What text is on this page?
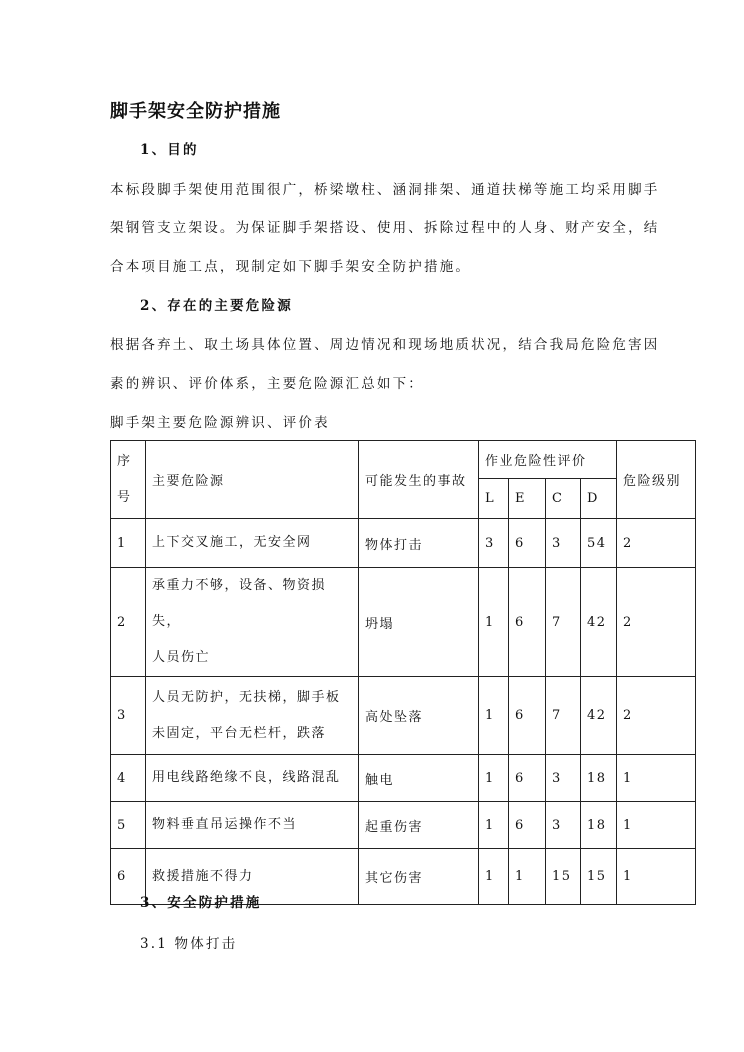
脚手架安全防护措施
1、目的
本标段脚手架使用范围很广，桥梁墩柱、涵洞排架、通道扶梯等施工均采用脚手
架钢管支立架设。为保证脚手架搭设、使用、拆除过程中的人身、财产安全，结
合本项目施工点，现制定如下脚手架安全防护措施。
2、存在的主要危险源
根据各弃土、取土场具体位置、周边情况和现场地质状况，结合我局危险危害因
素的辨识、评价体系，主要危险源汇总如下：
脚手架主要危险源辨识、评价表
序
号	主要危险源	可能发生的事故	作业危险性评价				危险级别
			L	E	C	D	
1	上下交叉施工，无安全网	物体打击	3	6	3	54	2
2	承重力不够，设备、物资损失，
人员伤亡	坍塌	1	6	7	42	2
3	人员无防护，无扶梯，脚手板
未固定，平台无栏杆，跌落	高处坠落	1	6	7	42	2
4	用电线路绝缘不良，线路混乱	触电	1	6	3	18	1
5	物料垂直吊运操作不当	起重伤害	1	6	3	18	1
6	救援措施不得力	其它伤害	1	1	15	15	1
3、安全防护措施
3.1 物体打击
